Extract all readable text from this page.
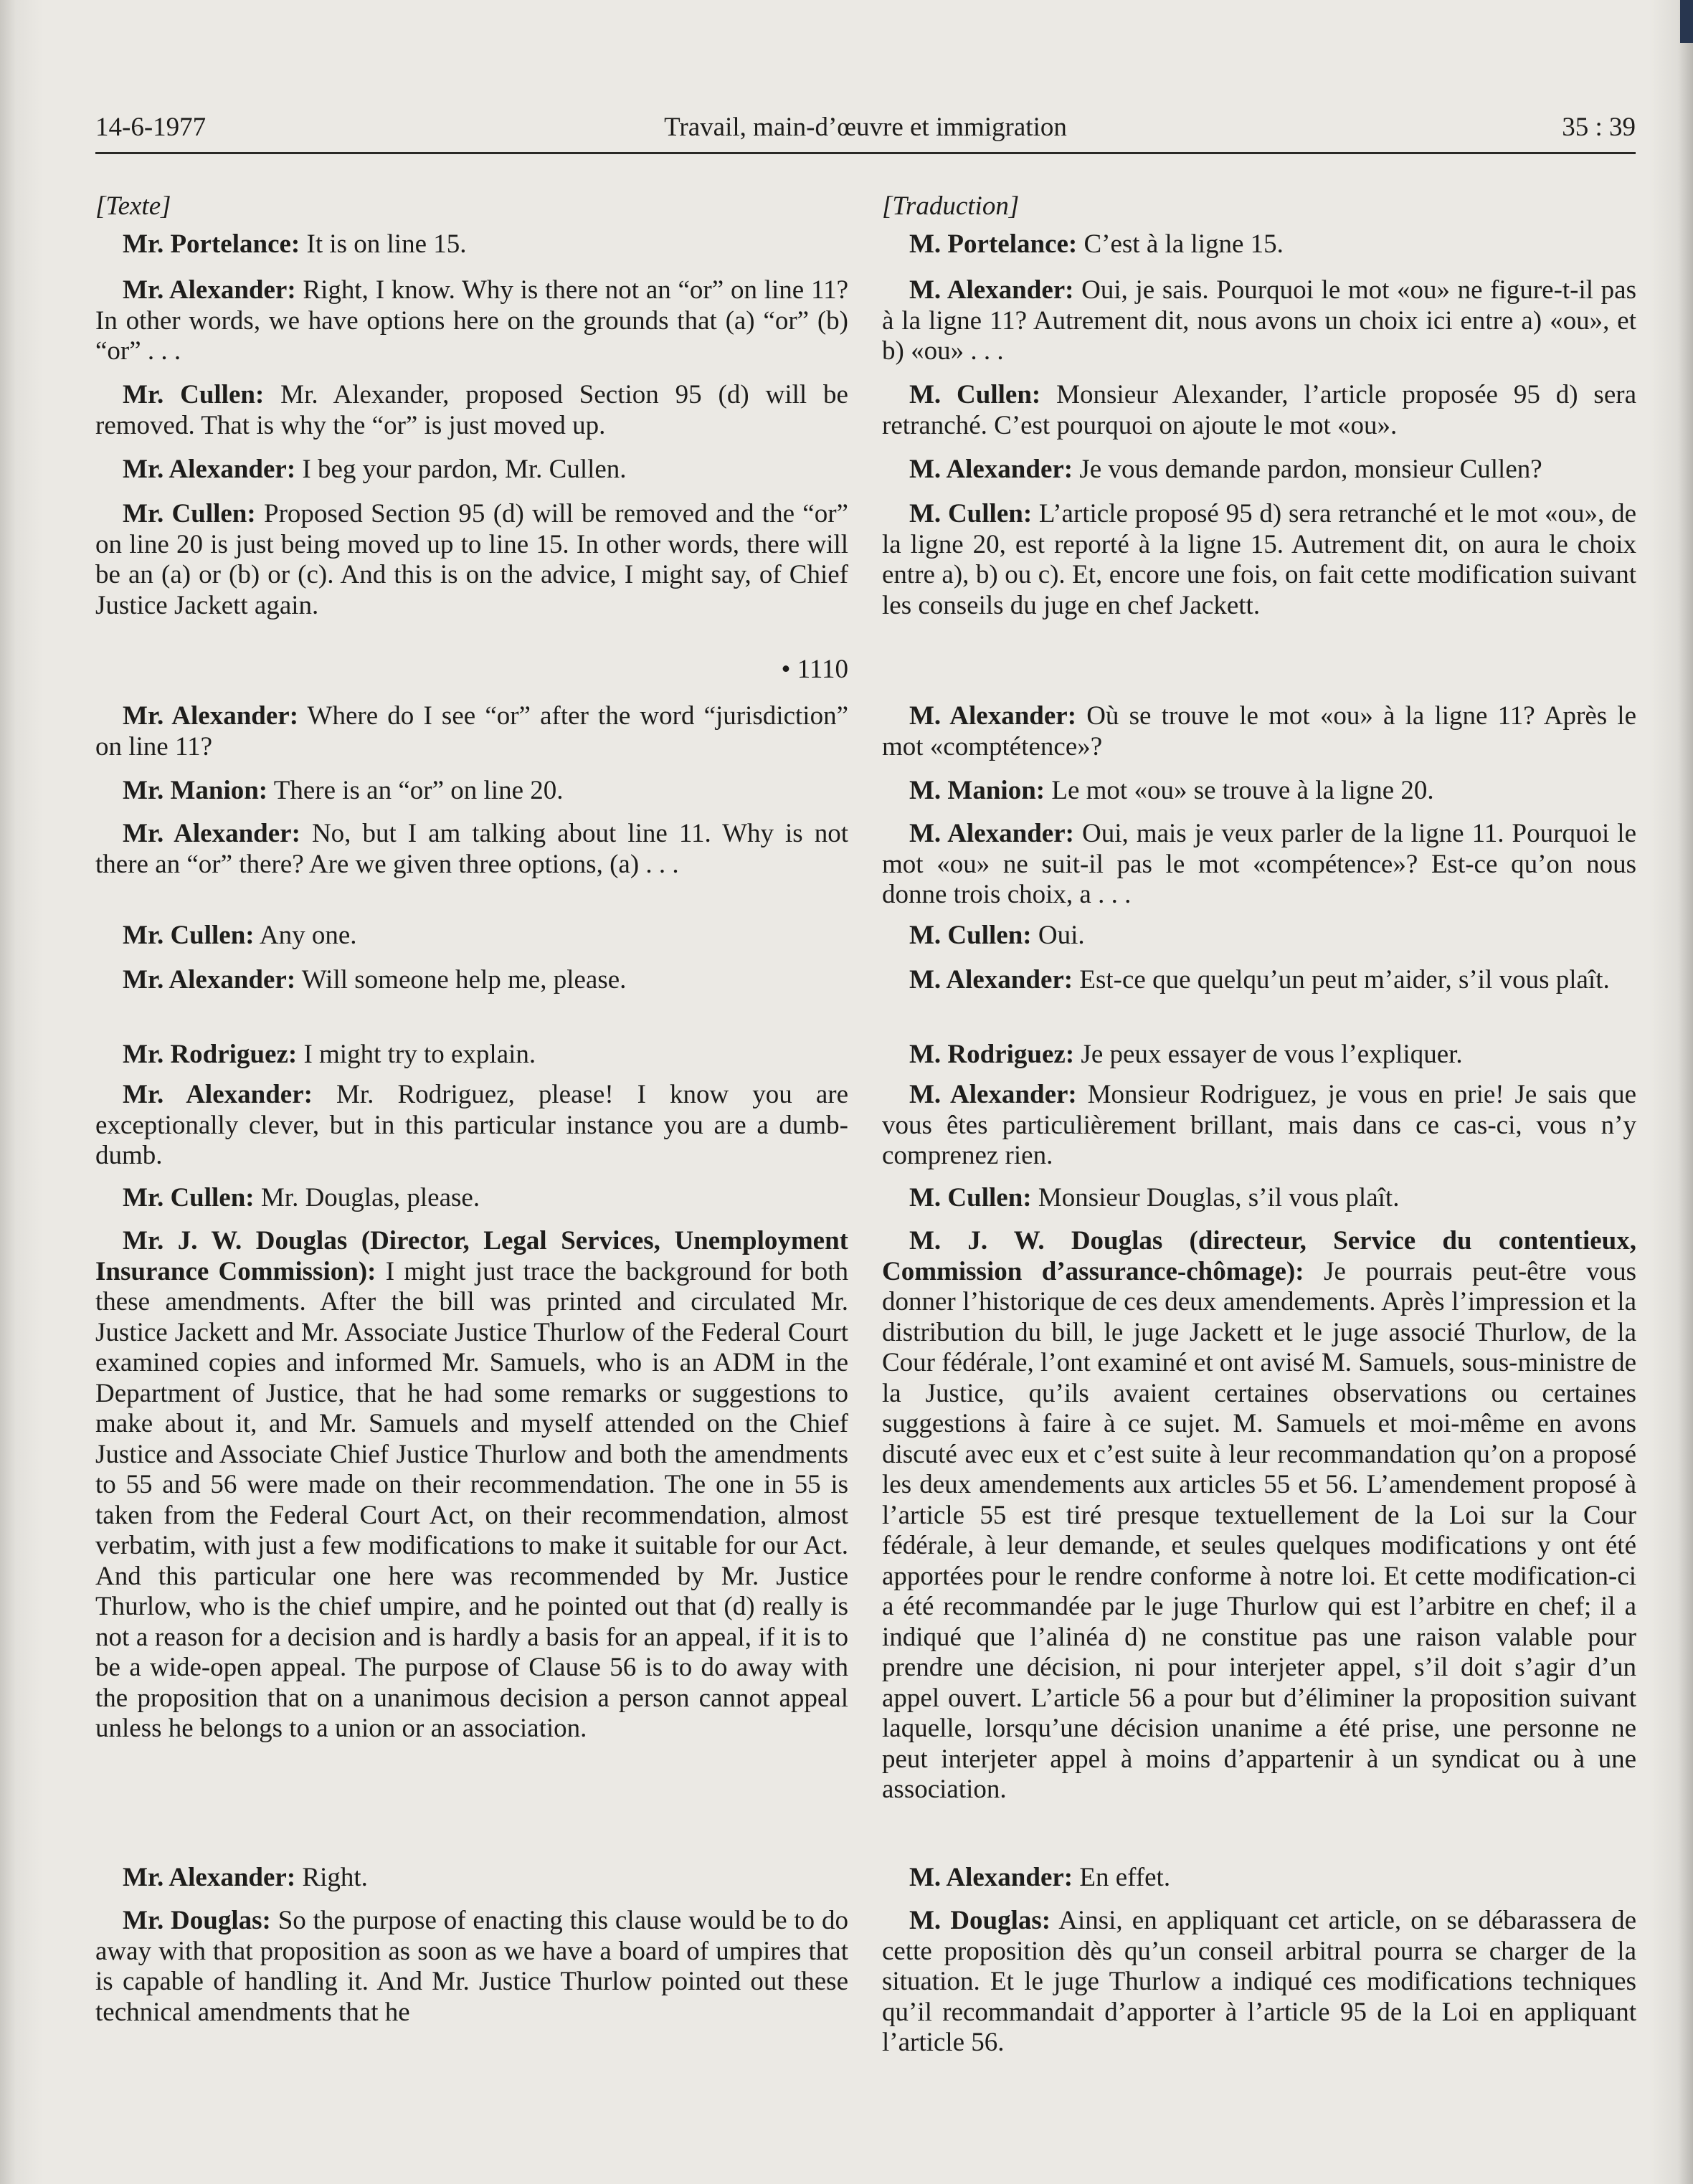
14-6-1977	Travail, main-d’œuvre et immigration	35 : 39
[Texte]

Mr. Portelance: It is on line 15.

Mr. Alexander: Right, I know. Why is there not an “or” on line 11? In other words, we have options here on the grounds that (a) “or” (b) “or” . . .

Mr. Cullen: Mr. Alexander, proposed Section 95 (d) will be removed. That is why the “or” is just moved up.

Mr. Alexander: I beg your pardon, Mr. Cullen.

Mr. Cullen: Proposed Section 95 (d) will be removed and the “or” on line 20 is just being moved up to line 15. In other words, there will be an (a) or (b) or (c). And this is on the advice, I might say, of Chief Justice Jackett again.

• 1110

Mr. Alexander: Where do I see “or” after the word “jurisdiction” on line 11?

Mr. Manion: There is an “or” on line 20.

Mr. Alexander: No, but I am talking about line 11. Why is not there an “or” there? Are we given three options, (a) . . .

Mr. Cullen: Any one.

Mr. Alexander: Will someone help me, please.

Mr. Rodriguez: I might try to explain.

Mr. Alexander: Mr. Rodriguez, please! I know you are exceptionally clever, but in this particular instance you are a dumb-dumb.

Mr. Cullen: Mr. Douglas, please.

Mr. J. W. Douglas (Director, Legal Services, Unemployment Insurance Commission): I might just trace the background for both these amendments. After the bill was printed and circulated Mr. Justice Jackett and Mr. Associate Justice Thurlow of the Federal Court examined copies and informed Mr. Samuels, who is an ADM in the Department of Justice, that he had some remarks or suggestions to make about it, and Mr. Samuels and myself attended on the Chief Justice and Associate Chief Justice Thurlow and both the amendments to 55 and 56 were made on their recommendation. The one in 55 is taken from the Federal Court Act, on their recommendation, almost verbatim, with just a few modifications to make it suitable for our Act. And this particular one here was recommended by Mr. Justice Thurlow, who is the chief umpire, and he pointed out that (d) really is not a reason for a decision and is hardly a basis for an appeal, if it is to be a wide-open appeal. The purpose of Clause 56 is to do away with the proposition that on a unanimous decision a person cannot appeal unless he belongs to a union or an association.

Mr. Alexander: Right.

Mr. Douglas: So the purpose of enacting this clause would be to do away with that proposition as soon as we have a board of umpires that is capable of handling it. And Mr. Justice Thurlow pointed out these technical amendments that he

[Traduction]

M. Portelance: C’est à la ligne 15.

M. Alexander: Oui, je sais. Pourquoi le mot «ou» ne figure-t-il pas à la ligne 11? Autrement dit, nous avons un choix ici entre a) «ou», et b) «ou» . . .

M. Cullen: Monsieur Alexander, l’article proposée 95 d) sera retranché. C’est pourquoi on ajoute le mot «ou».

M. Alexander: Je vous demande pardon, monsieur Cullen?

M. Cullen: L’article proposé 95 d) sera retranché et le mot «ou», de la ligne 20, est reporté à la ligne 15. Autrement dit, on aura le choix entre a), b) ou c). Et, encore une fois, on fait cette modification suivant les conseils du juge en chef Jackett.

M. Alexander: Où se trouve le mot «ou» à la ligne 11? Après le mot «comptétence»?

M. Manion: Le mot «ou» se trouve à la ligne 20.

M. Alexander: Oui, mais je veux parler de la ligne 11. Pourquoi le mot «ou» ne suit-il pas le mot «compétence»? Est-ce qu’on nous donne trois choix, a . . .

M. Cullen: Oui.

M. Alexander: Est-ce que quelqu’un peut m’aider, s’il vous plaît.

M. Rodriguez: Je peux essayer de vous l’expliquer.

M. Alexander: Monsieur Rodriguez, je vous en prie! Je sais que vous êtes particulièrement brillant, mais dans ce cas-ci, vous n’y comprenez rien.

M. Cullen: Monsieur Douglas, s’il vous plaît.

M. J. W. Douglas (directeur, Service du contentieux, Commission d’assurance-chômage): Je pourrais peut-être vous donner l’historique de ces deux amendements. Après l’impression et la distribution du bill, le juge Jackett et le juge associé Thurlow, de la Cour fédérale, l’ont examiné et ont avisé M. Samuels, sous-ministre de la Justice, qu’ils avaient certaines observations ou certaines suggestions à faire à ce sujet. M. Samuels et moi-même en avons discuté avec eux et c’est suite à leur recommandation qu’on a proposé les deux amendements aux articles 55 et 56. L’amendement proposé à l’article 55 est tiré presque textuellement de la Loi sur la Cour fédérale, à leur demande, et seules quelques modifications y ont été apportées pour le rendre conforme à notre loi. Et cette modification-ci a été recommandée par le juge Thurlow qui est l’arbitre en chef; il a indiqué que l’alinéa d) ne constitue pas une raison valable pour prendre une décision, ni pour interjeter appel, s’il doit s’agir d’un appel ouvert. L’article 56 a pour but d’éliminer la proposition suivant laquelle, lorsqu’une décision unanime a été prise, une personne ne peut interjeter appel à moins d’appartenir à un syndicat ou à une association.

M. Alexander: En effet.

M. Douglas: Ainsi, en appliquant cet article, on se débarassera de cette proposition dès qu’un conseil arbitral pourra se charger de la situation. Et le juge Thurlow a indiqué ces modifications techniques qu’il recommandait d’apporter à l’article 95 de la Loi en appliquant l’article 56.
